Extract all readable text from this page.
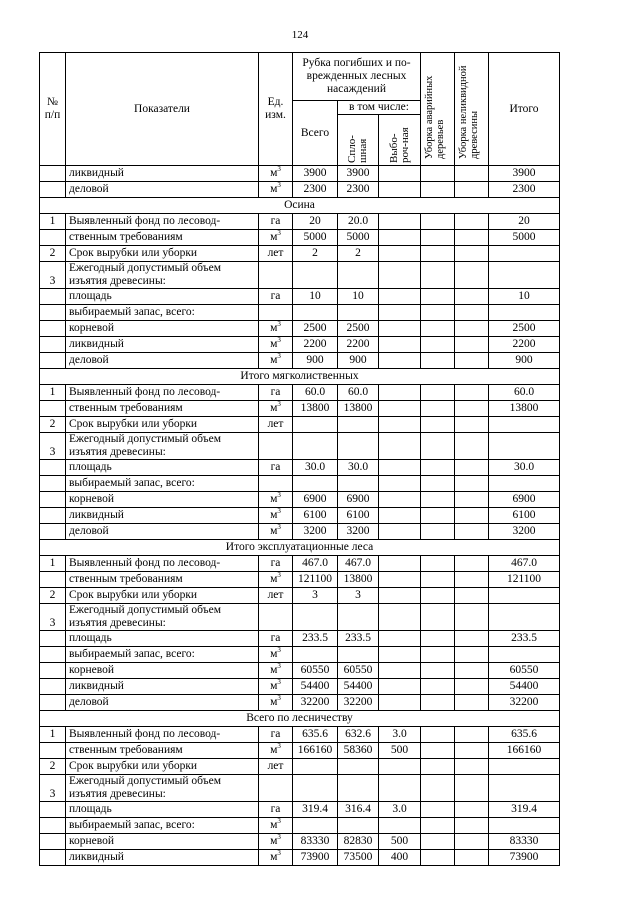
124
№ п/п	Показатели	Ед. изм.	Рубка погибших и по-
врежденных лесных
насаждений			Уборка аварийных деревьев	Уборка неликвидной древесины	Итого
			Всего	в том числе:				

				Спло-шная	Выбо-роч-ная			

	ликвидный	$м^3$	3900	3900				3900
	деловой	$м^3$	2300	2300				2300
Осина								
1	Выявленный фонд по лесовод-	га	20	20.0				20
	ственным требованиям	$м^3$	5000	5000				5000
2	Срок вырубки или уборки	лет	2	2				
3	Ежегодный допустимый объем
изъятия древесины:							

	площадь	га	10	10				10
	выбираемый запас, всего:							
	корневой	$м^3$	2500	2500				2500
	ликвидный	$м^3$	2200	2200				2200
	деловой	$м^3$	900	900				900
Итого мягколиственных								
1	Выявленный фонд по лесовод-	га	60.0	60.0				60.0
	ственным требованиям	$м^3$	13800	13800				13800
2	Срок вырубки или уборки	лет						
3	Ежегодный допустимый объем
изъятия древесины:							

	площадь	га	30.0	30.0				30.0
	выбираемый запас, всего:							
	корневой	$м^3$	6900	6900				6900
	ликвидный	$м^3$	6100	6100				6100
	деловой	$м^3$	3200	3200				3200
Итого эксплуатационные леса								
1	Выявленный фонд по лесовод-	га	467.0	467.0				467.0
	ственным требованиям	$м^3$	121100	13800				121100
2	Срок вырубки или уборки	лет	3	3				
3	Ежегодный допустимый объем
изъятия древесины:							

	площадь	га	233.5	233.5				233.5
	выбираемый запас, всего:	$м^3$						
	корневой	$м^3$	60550	60550				60550
	ликвидный	$м^3$	54400	54400				54400
	деловой	$м^3$	32200	32200				32200
Всего по лесничеству								
1	Выявленный фонд по лесовод-	га	635.6	632.6	3.0			635.6
	ственным требованиям	$м^3$	166160	58360	500			166160
2	Срок вырубки или уборки	лет						
3	Ежегодный допустимый объем
изъятия древесины:							

	площадь	га	319.4	316.4	3.0			319.4
	выбираемый запас, всего:	$м^3$						
	корневой	$м^3$	83330	82830	500			83330
	ликвидный	$м^3$	73900	73500	400			73900
